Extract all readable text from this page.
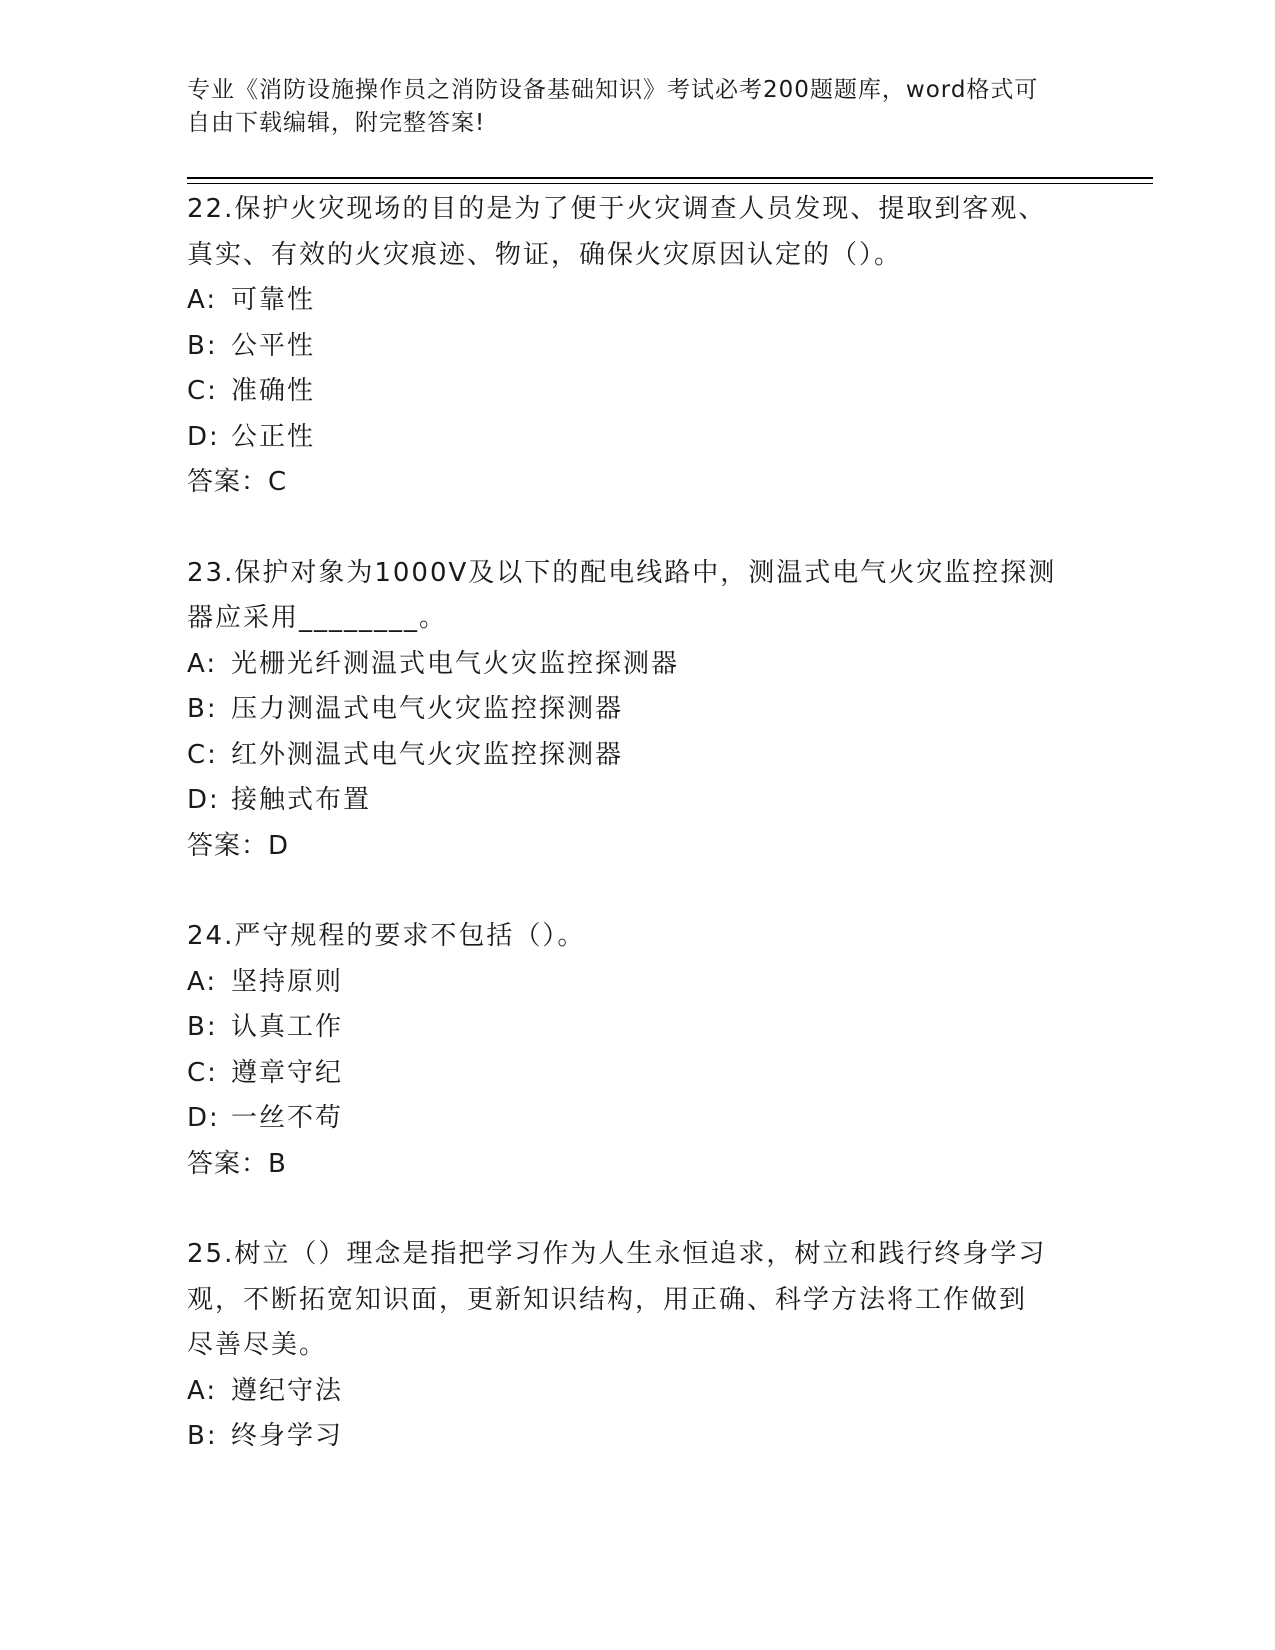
专业《消防设施操作员之消防设备基础知识》考试必考200题题库，word格式可
自由下载编辑，附完整答案!
22.保护火灾现场的目的是为了便于火灾调查人员发现、提取到客观、
真实、有效的火灾痕迹、物证，确保火灾原因认定的（）。
A: 可靠性
B: 公平性
C: 准确性
D: 公正性
答案：C
23.保护对象为1000V及以下的配电线路中，测温式电气火灾监控探测
器应采用________。
A: 光栅光纤测温式电气火灾监控探测器
B: 压力测温式电气火灾监控探测器
C: 红外测温式电气火灾监控探测器
D: 接触式布置
答案：D
24.严守规程的要求不包括（）。
A: 坚持原则
B: 认真工作
C: 遵章守纪
D: 一丝不苟
答案：B
25.树立（）理念是指把学习作为人生永恒追求，树立和践行终身学习
观，不断拓宽知识面，更新知识结构，用正确、科学方法将工作做到
尽善尽美。
A: 遵纪守法
B: 终身学习
